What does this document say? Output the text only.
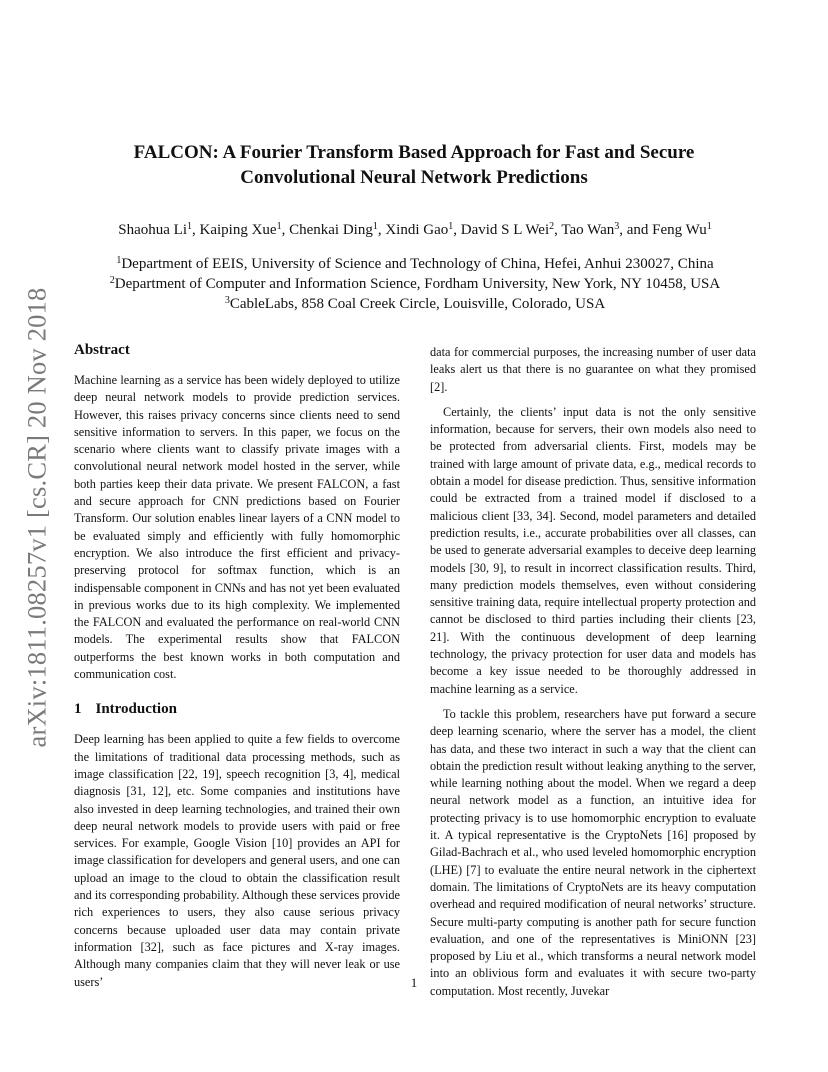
arXiv:1811.08257v1 [cs.CR] 20 Nov 2018
FALCON: A Fourier Transform Based Approach for Fast and Secure
Convolutional Neural Network Predictions
Shaohua Li$^1$, Kaiping Xue$^1$, Chenkai Ding$^1$, Xindi Gao$^1$, David S L Wei$^2$, Tao Wan$^3$, and Feng Wu$^1$
$^1$Department of EEIS, University of Science and Technology of China, Hefei, Anhui 230027, China
$^2$Department of Computer and Information Science, Fordham University, New York, NY 10458, USA
$^3$CableLabs, 858 Coal Creek Circle, Louisville, Colorado, USA
Abstract

Machine learning as a service has been widely deployed to utilize deep neural network models to provide prediction services. However, this raises privacy concerns since clients need to send sensitive information to servers. In this paper, we focus on the scenario where clients want to classify private images with a convolutional neural network model hosted in the server, while both parties keep their data private. We present FALCON, a fast and secure approach for CNN predictions based on Fourier Transform. Our solution enables linear layers of a CNN model to be evaluated simply and efficiently with fully homomorphic encryption. We also introduce the first efficient and privacy-preserving protocol for softmax function, which is an indispensable component in CNNs and has not yet been evaluated in previous works due to its high complexity. We implemented the FALCON and evaluated the performance on real-world CNN models. The experimental results show that FALCON outperforms the best known works in both computation and communication cost.

1 Introduction

Deep learning has been applied to quite a few fields to overcome the limitations of traditional data processing methods, such as image classification [22, 19], speech recognition [3, 4], medical diagnosis [31, 12], etc. Some companies and institutions have also invested in deep learning technologies, and trained their own deep neural network models to provide users with paid or free services. For example, Google Vision [10] provides an API for image classification for developers and general users, and one can upload an image to the cloud to obtain the classification result and its corresponding probability. Although these services provide rich experiences to users, they also cause serious privacy concerns because uploaded user data may contain private information [32], such as face pictures and X-ray images. Although many companies claim that they will never leak or use users’

data for commercial purposes, the increasing number of user data leaks alert us that there is no guarantee on what they promised [2].

Certainly, the clients’ input data is not the only sensitive information, because for servers, their own models also need to be protected from adversarial clients. First, models may be trained with large amount of private data, e.g., medical records to obtain a model for disease prediction. Thus, sensitive information could be extracted from a trained model if disclosed to a malicious client [33, 34]. Second, model parameters and detailed prediction results, i.e., accurate probabilities over all classes, can be used to generate adversarial examples to deceive deep learning models [30, 9], to result in incorrect classification results. Third, many prediction models themselves, even without considering sensitive training data, require intellectual property protection and cannot be disclosed to third parties including their clients [23, 21]. With the continuous development of deep learning technology, the privacy protection for user data and models has become a key issue needed to be thoroughly addressed in machine learning as a service.

To tackle this problem, researchers have put forward a secure deep learning scenario, where the server has a model, the client has data, and these two interact in such a way that the client can obtain the prediction result without leaking anything to the server, while learning nothing about the model. When we regard a deep neural network model as a function, an intuitive idea for protecting privacy is to use homomorphic encryption to evaluate it. A typical representative is the CryptoNets [16] proposed by Gilad-Bachrach et al., who used leveled homomorphic encryption (LHE) [7] to evaluate the entire neural network in the ciphertext domain. The limitations of CryptoNets are its heavy computation overhead and required modification of neural networks’ structure. Secure multi-party computing is another path for secure function evaluation, and one of the representatives is MiniONN [23] proposed by Liu et al., which transforms a neural network model into an oblivious form and evaluates it with secure two-party computation. Most recently, Juvekar

1
